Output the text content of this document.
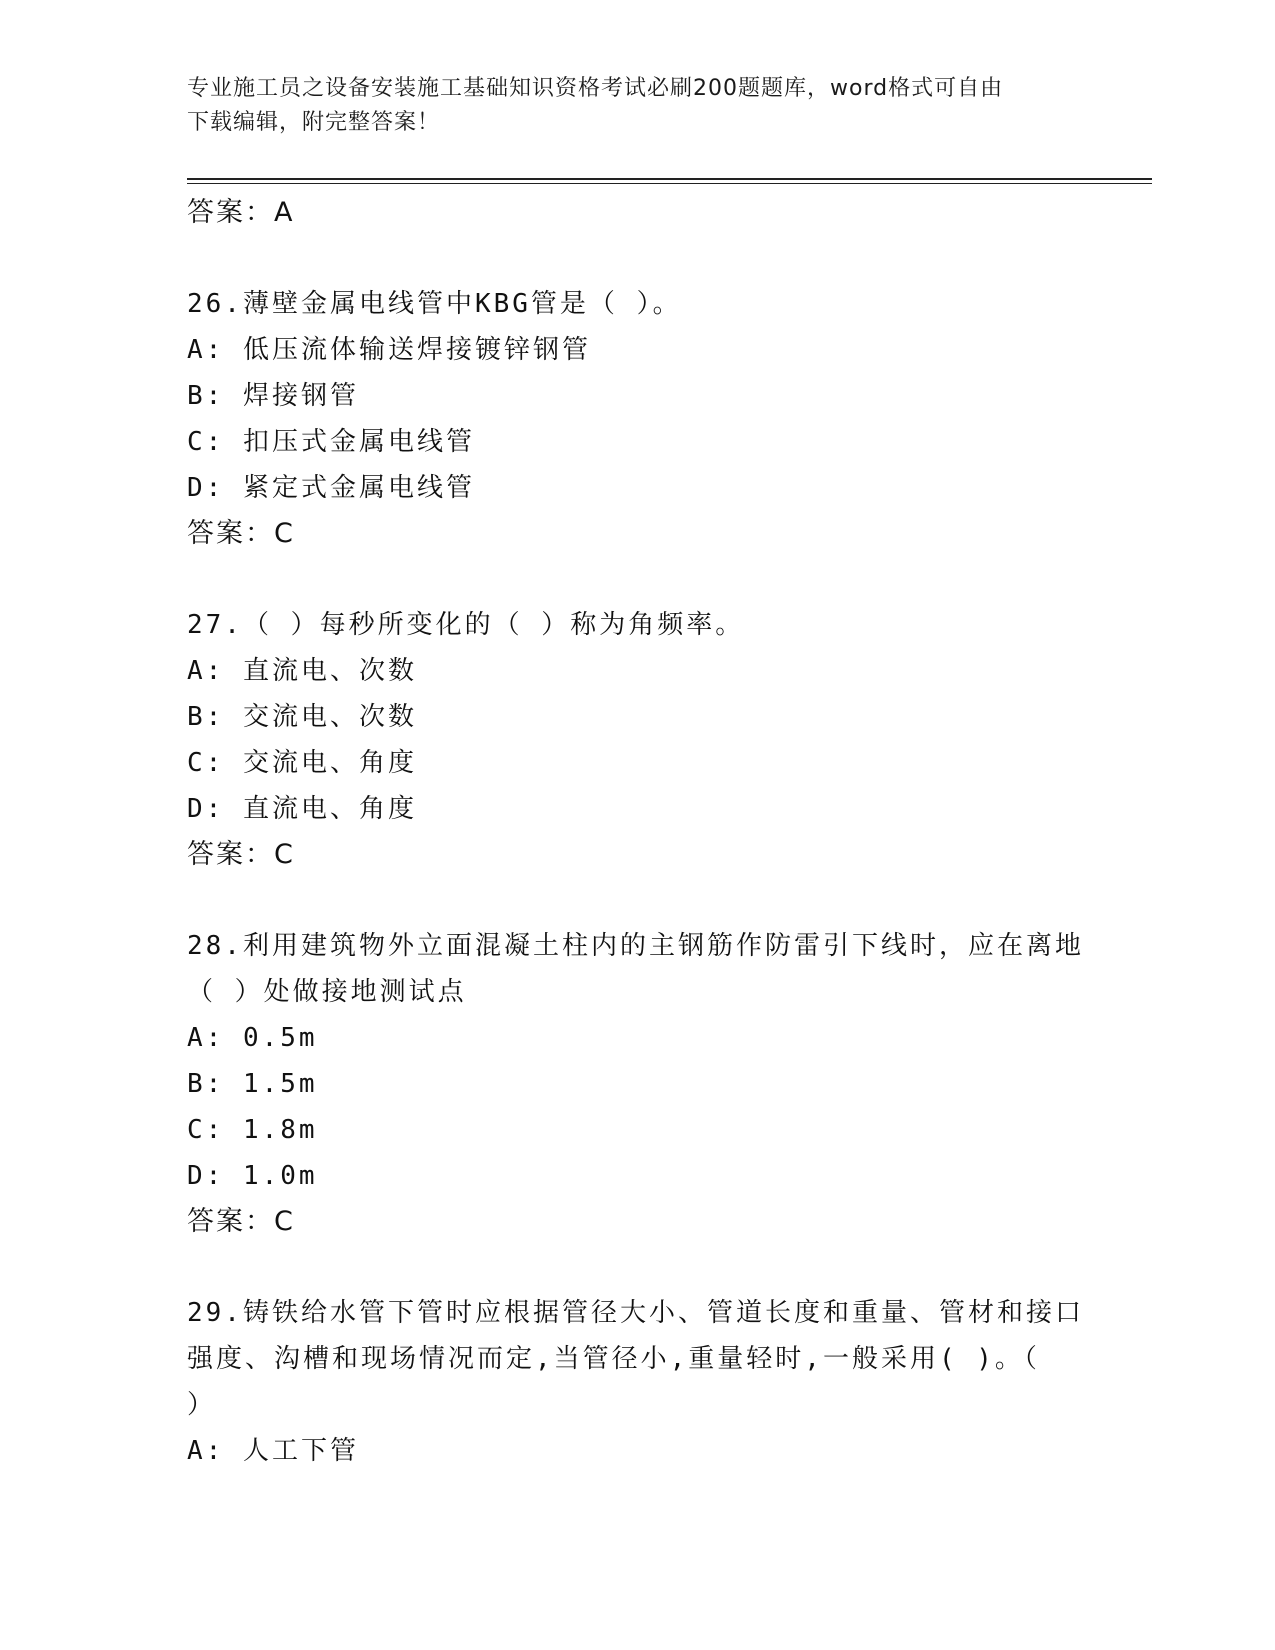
专业施工员之设备安装施工基础知识资格考试必刷200题题库，word格式可自由
下载编辑，附完整答案！
答案：A
26.薄壁金属电线管中KBG管是（ ）。
A: 低压流体输送焊接镀锌钢管
B: 焊接钢管
C: 扣压式金属电线管
D: 紧定式金属电线管
答案：C
27.（ ）每秒所变化的（ ）称为角频率。
A: 直流电、次数
B: 交流电、次数
C: 交流电、角度
D: 直流电、角度
答案：C
28.利用建筑物外立面混凝土柱内的主钢筋作防雷引下线时，应在离地
（ ）处做接地测试点
A: 0.5m
B: 1.5m
C: 1.8m
D: 1.0m
答案：C
29.铸铁给水管下管时应根据管径大小、管道长度和重量、管材和接口
强度、沟槽和现场情况而定,当管径小,重量轻时,一般采用( )。（
）
A: 人工下管
